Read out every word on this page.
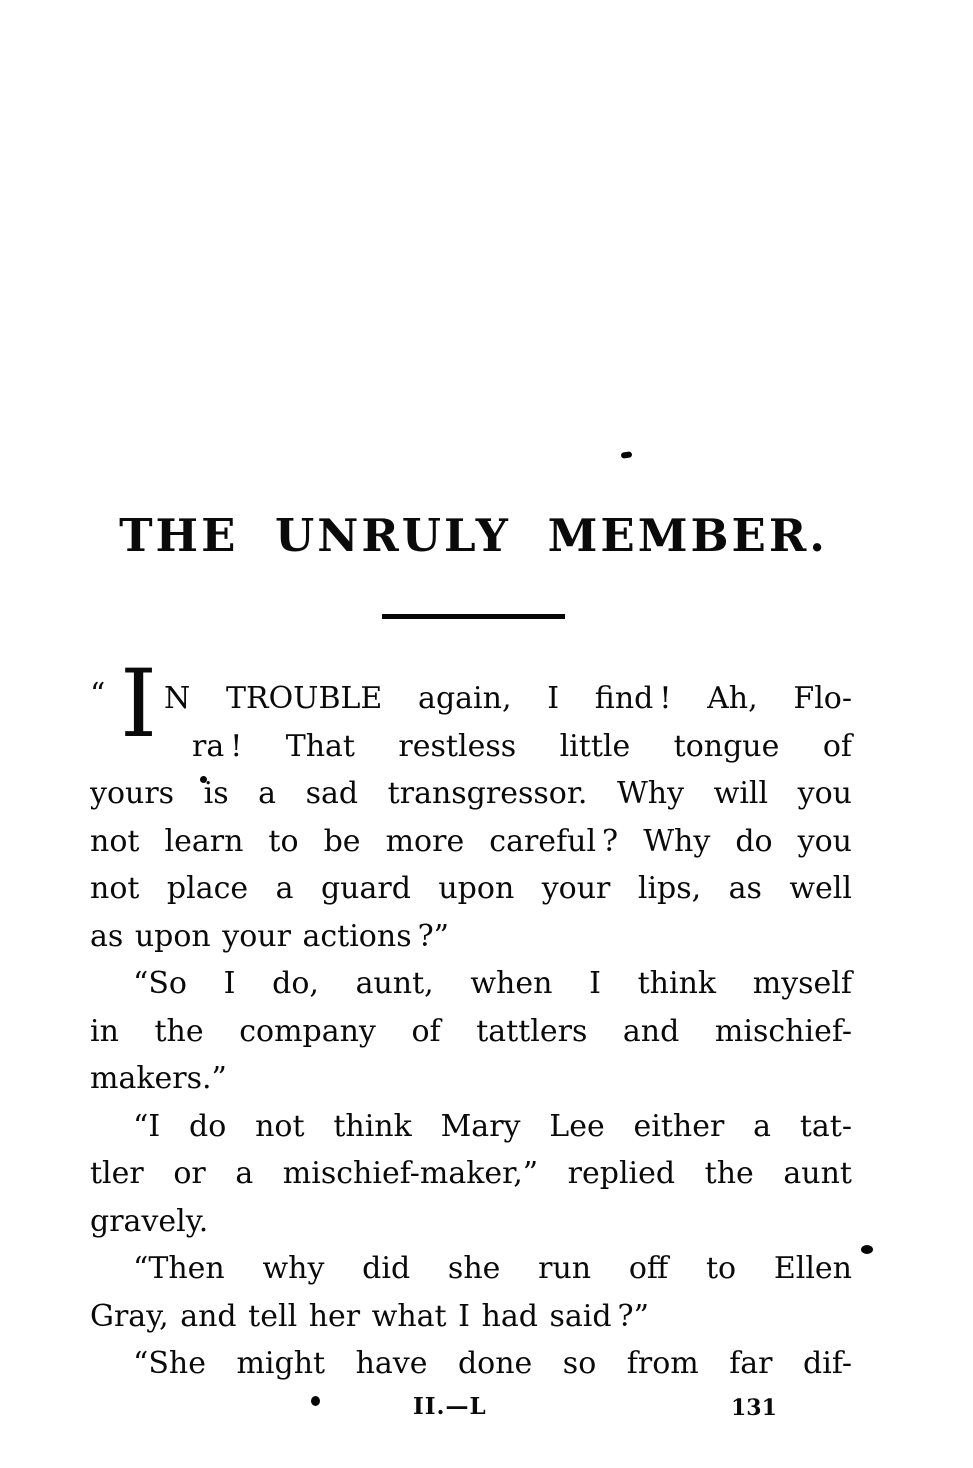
THE UNRULY MEMBER.
“ I N TROUBLE again, I find ! Ah, Flo-
ra ! That restless little tongue of
yours is a sad transgressor. Why will you
not learn to be more careful ? Why do you
not place a guard upon your lips, as well
as upon your actions ?”
“So I do, aunt, when I think myself
in the company of tattlers and mischief-
makers.”
“I do not think Mary Lee either a tat-
tler or a mischief-maker,” replied the aunt
gravely.
“Then why did she run off to Ellen
Gray, and tell her what I had said ?”
“She might have done so from far dif-
II.—L	131
